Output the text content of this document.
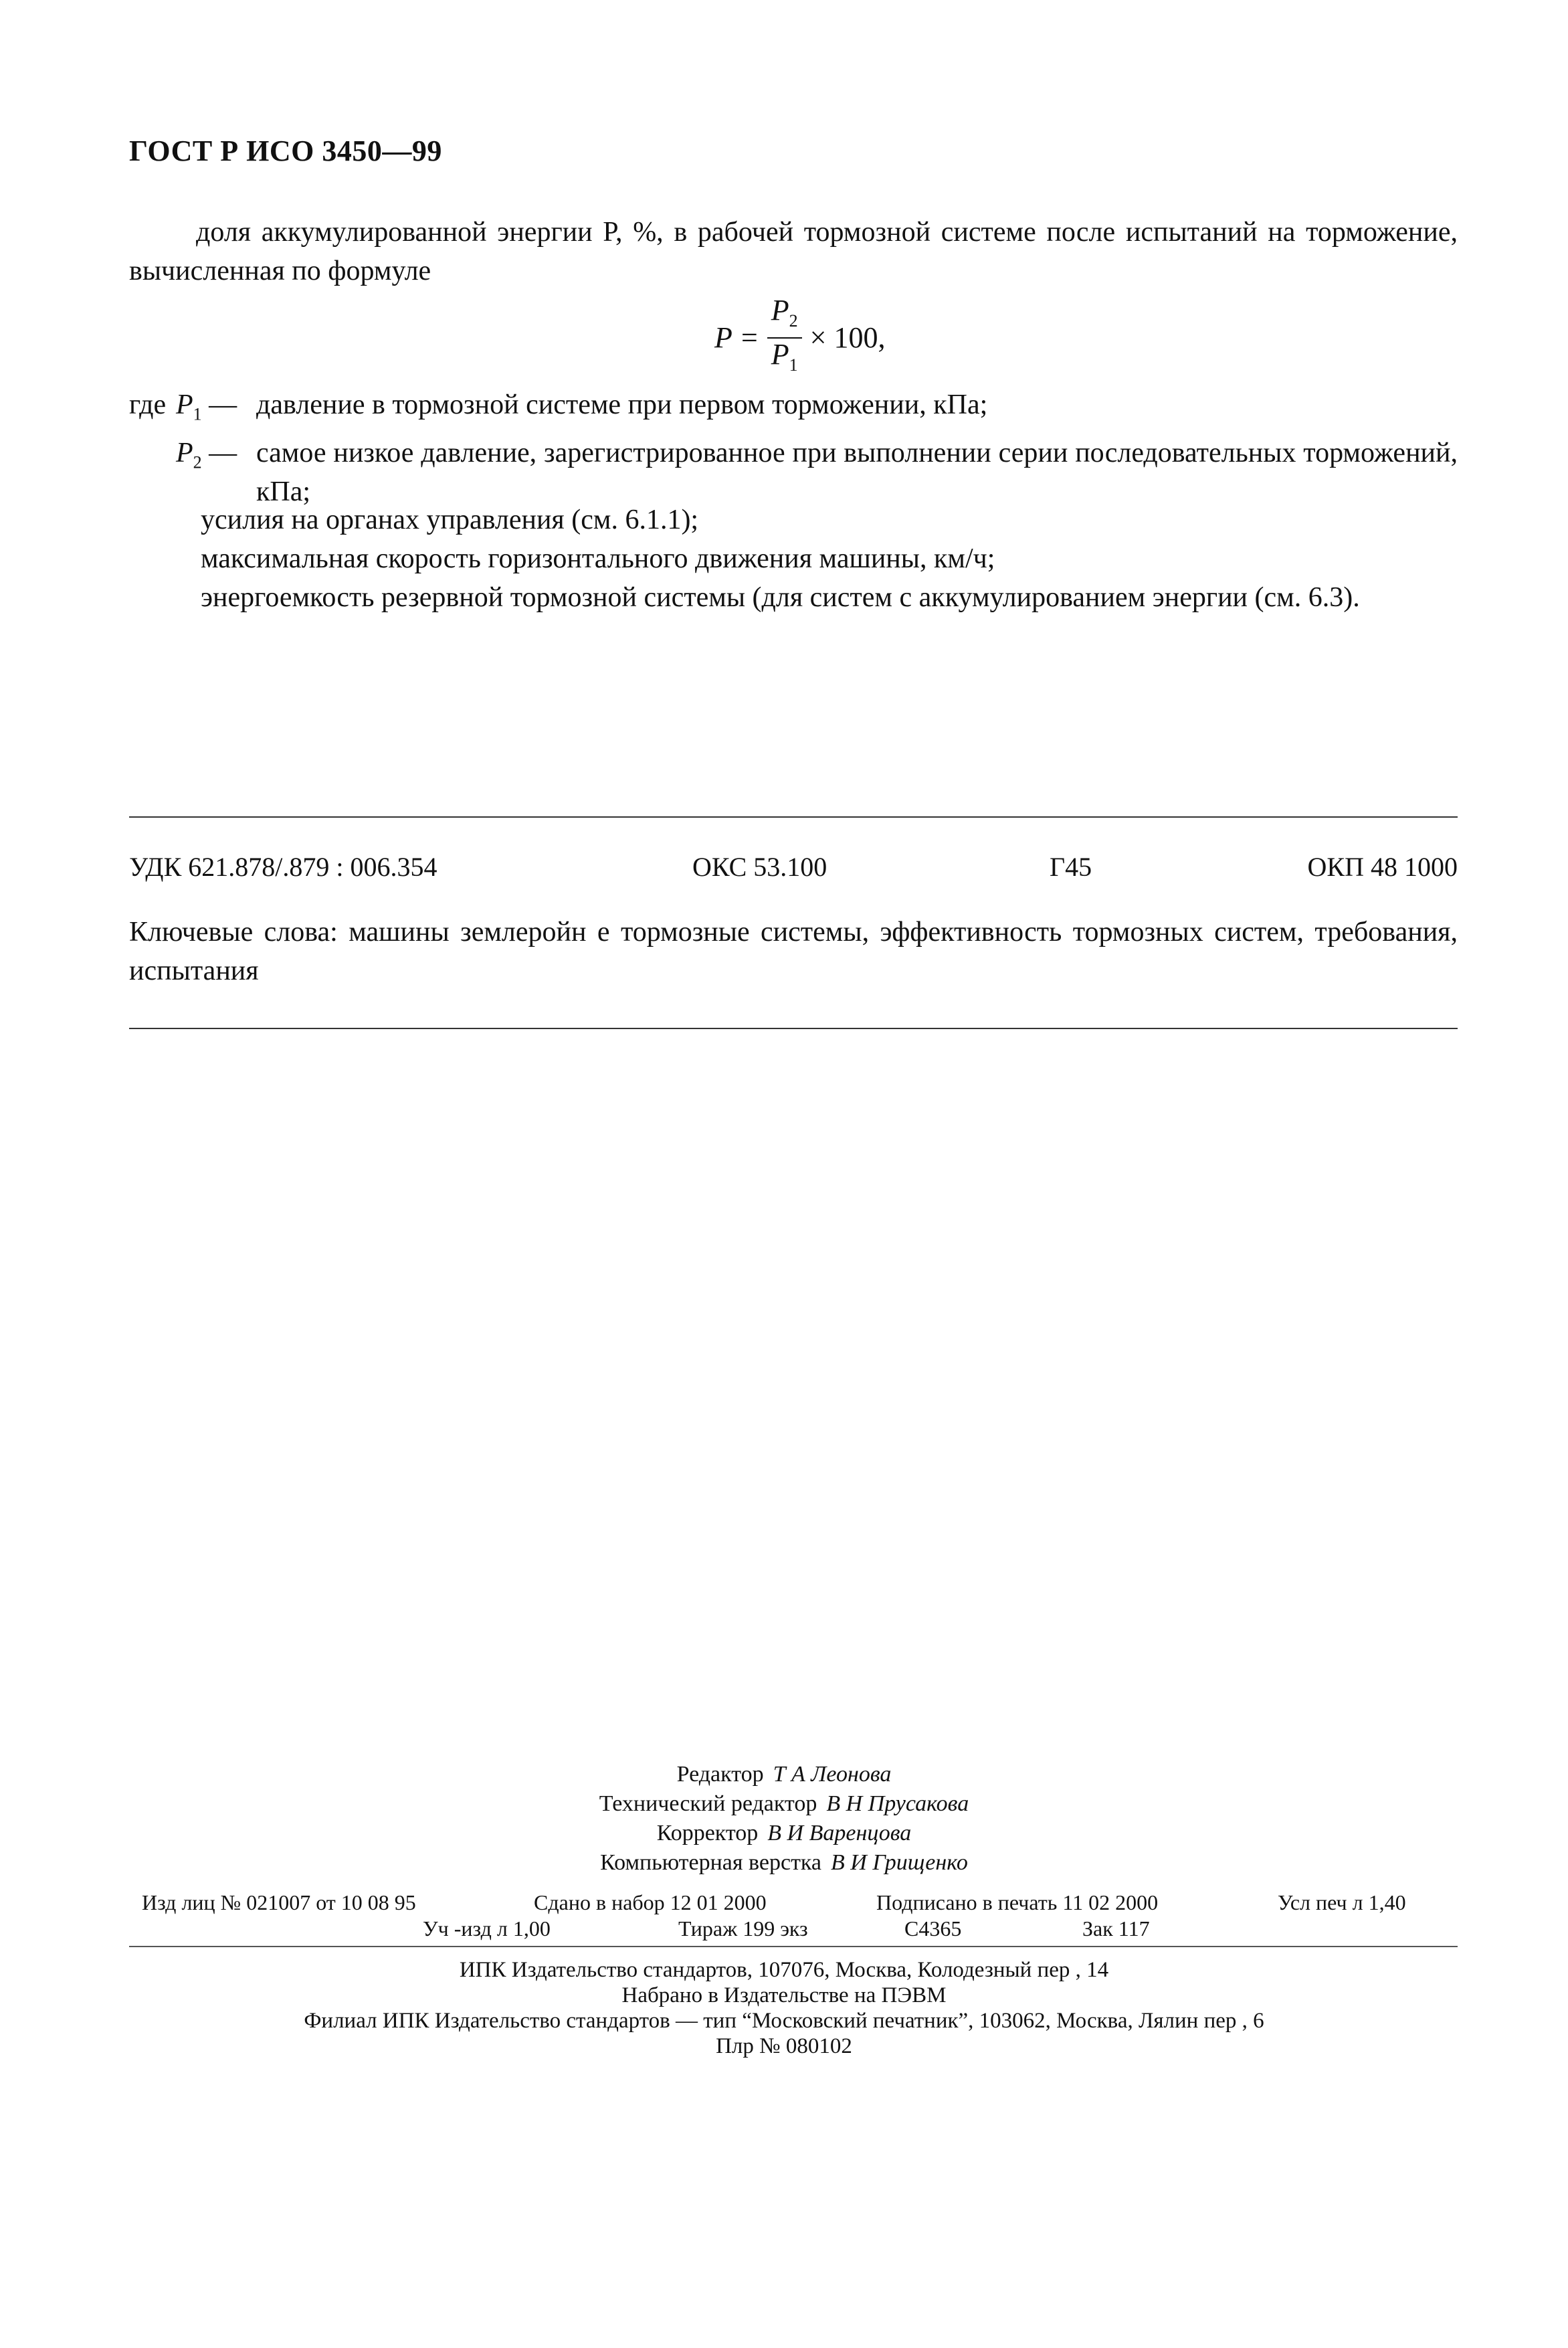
ГОСТ Р ИСО 3450—99
доля аккумулированной энергии P, %, в рабочей тормозной системе после испытаний на торможение, вычисленная по формуле
$P = \frac{P_2}{P_1} \times 100$,
где $P_1$ — давление в тормозной системе при первом торможении, кПа;
$P_2$ — самое низкое давление, зарегистрированное при выполнении серии последовательных торможений, кПа;
усилия на органах управления (см. 6.1.1);
максимальная скорость горизонтального движения машины, км/ч;
энергоемкость резервной тормозной системы (для систем с аккумулированием энергии (см. 6.3).
УДК 621.878/.879 : 006.354	ОКС 53.100	Г45	ОКП 48 1000
Ключевые слова: машины землеройн е тормозные системы, эффективность тормозных систем, требования, испытания
Редактор Т А Леонова
Технический редактор В Н Прусакова
Корректор В И Варенцова
Компьютерная верстка В И Грищенко
Изд лиц № 021007 от 10 08 95	Сдано в набор 12 01 2000	Подписано в печать 11 02 2000	Усл печ л 1,40
Уч -изд л 1,00	Тираж 199 экз	С4365	Зак 117
ИПК Издательство стандартов, 107076, Москва, Колодезный пер , 14
Набрано в Издательстве на ПЭВМ
Филиал ИПК Издательство стандартов — тип “Московский печатник”, 103062, Москва, Лялин пер , 6
Плр № 080102
